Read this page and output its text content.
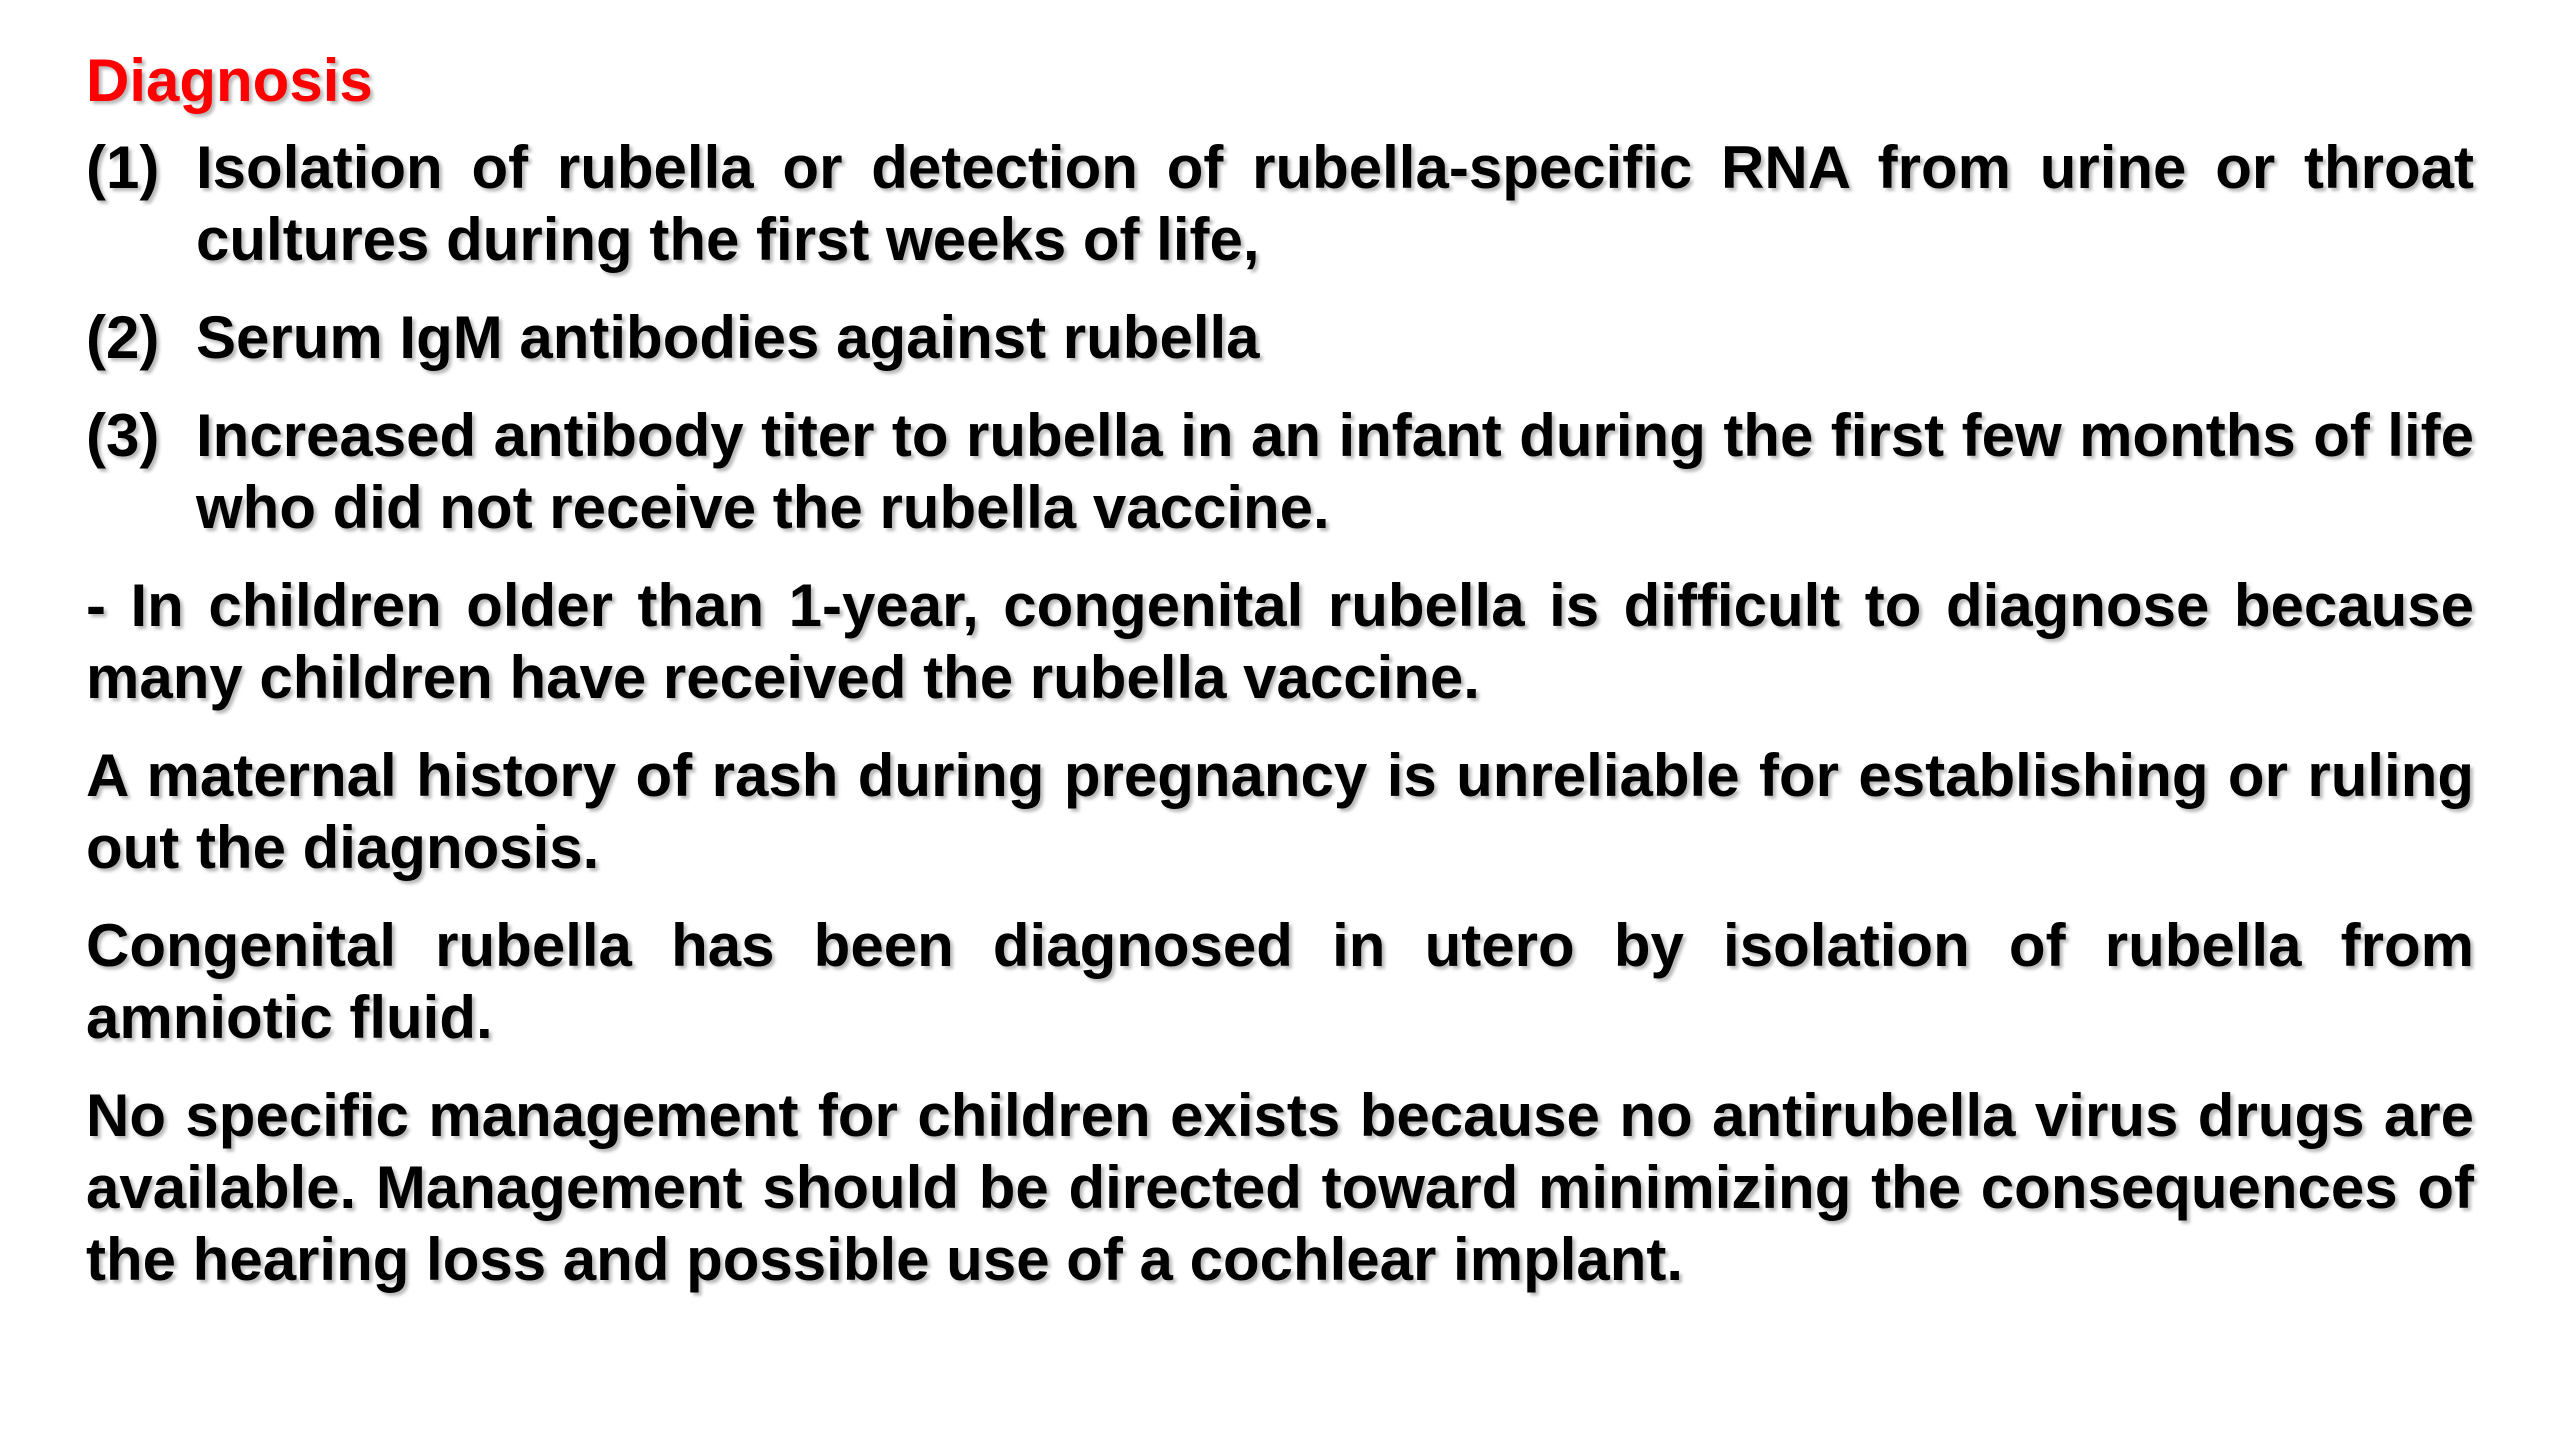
Diagnosis
(1) Isolation of rubella or detection of rubella-specific RNA from urine or throat cultures during the first weeks of life,
(2) Serum IgM antibodies against rubella
(3) Increased antibody titer to rubella in an infant during the first few months of life who did not receive the rubella vaccine.

- In children older than 1-year, congenital rubella is difficult to diagnose because many children have received the rubella vaccine.

A maternal history of rash during pregnancy is unreliable for establishing or ruling out the diagnosis.

Congenital rubella has been diagnosed in utero by isolation of rubella from amniotic fluid.

No specific management for children exists because no antirubella virus drugs are available. Management should be directed toward minimizing the consequences of the hearing loss and possible use of a cochlear implant.
